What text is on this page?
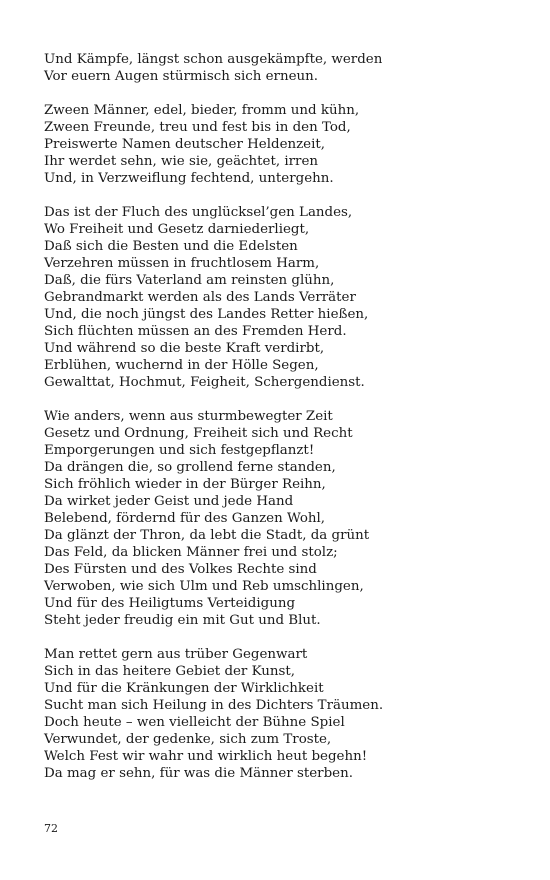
Und Kämpfe, längst schon ausgekämpfte, werden
Vor euern Augen stürmisch sich erneun.
Zween Männer, edel, bieder, fromm und kühn,
Zween Freunde, treu und fest bis in den Tod,
Preiswerte Namen deutscher Heldenzeit,
Ihr werdet sehn, wie sie, geächtet, irren
Und, in Verzweiflung fechtend, untergehn.
Das ist der Fluch des unglücksel’gen Landes,
Wo Freiheit und Gesetz darniederliegt,
Daß sich die Besten und die Edelsten
Verzehren müssen in fruchtlosem Harm,
Daß, die fürs Vaterland am reinsten glühn,
Gebrandmarkt werden als des Lands Verräter
Und, die noch jüngst des Landes Retter hießen,
Sich flüchten müssen an des Fremden Herd.
Und während so die beste Kraft verdirbt,
Erblühen, wuchernd in der Hölle Segen,
Gewalttat, Hochmut, Feigheit, Schergendienst.
Wie anders, wenn aus sturmbewegter Zeit
Gesetz und Ordnung, Freiheit sich und Recht
Emporgerungen und sich festgepflanzt!
Da drängen die, so grollend ferne standen,
Sich fröhlich wieder in der Bürger Reihn,
Da wirket jeder Geist und jede Hand
Belebend, fördernd für des Ganzen Wohl,
Da glänzt der Thron, da lebt die Stadt, da grünt
Das Feld, da blicken Männer frei und stolz;
Des Fürsten und des Volkes Rechte sind
Verwoben, wie sich Ulm und Reb umschlingen,
Und für des Heiligtums Verteidigung
Steht jeder freudig ein mit Gut und Blut.
Man rettet gern aus trüber Gegenwart
Sich in das heitere Gebiet der Kunst,
Und für die Kränkungen der Wirklichkeit
Sucht man sich Heilung in des Dichters Träumen.
Doch heute – wen vielleicht der Bühne Spiel
Verwundet, der gedenke, sich zum Troste,
Welch Fest wir wahr und wirklich heut begehn!
Da mag er sehn, für was die Männer sterben.
72
